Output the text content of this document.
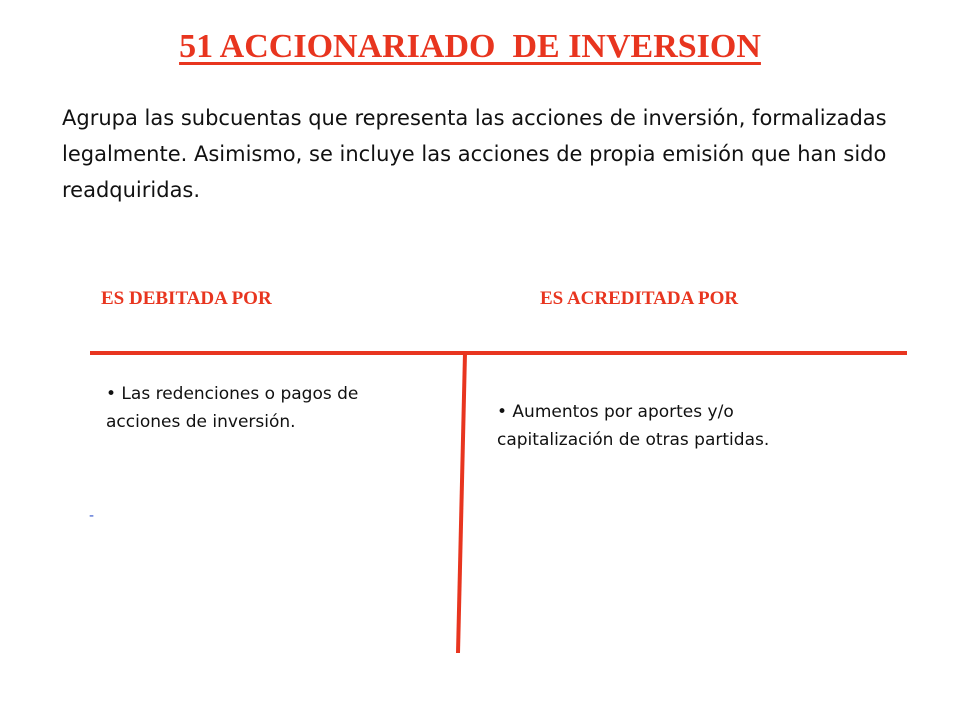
51 ACCIONARIADO  DE INVERSION

Agrupa las subcuentas que representa las acciones de inversión, formalizadas legalmente. Asimismo, se incluye las acciones de propia emisión que han sido readquiridas.

ES DEBITADA POR	ES ACREDITADA POR

• Las redenciones o pagos de acciones de inversión.	• Aumentos por aportes y/o capitalización de otras partidas.

-
